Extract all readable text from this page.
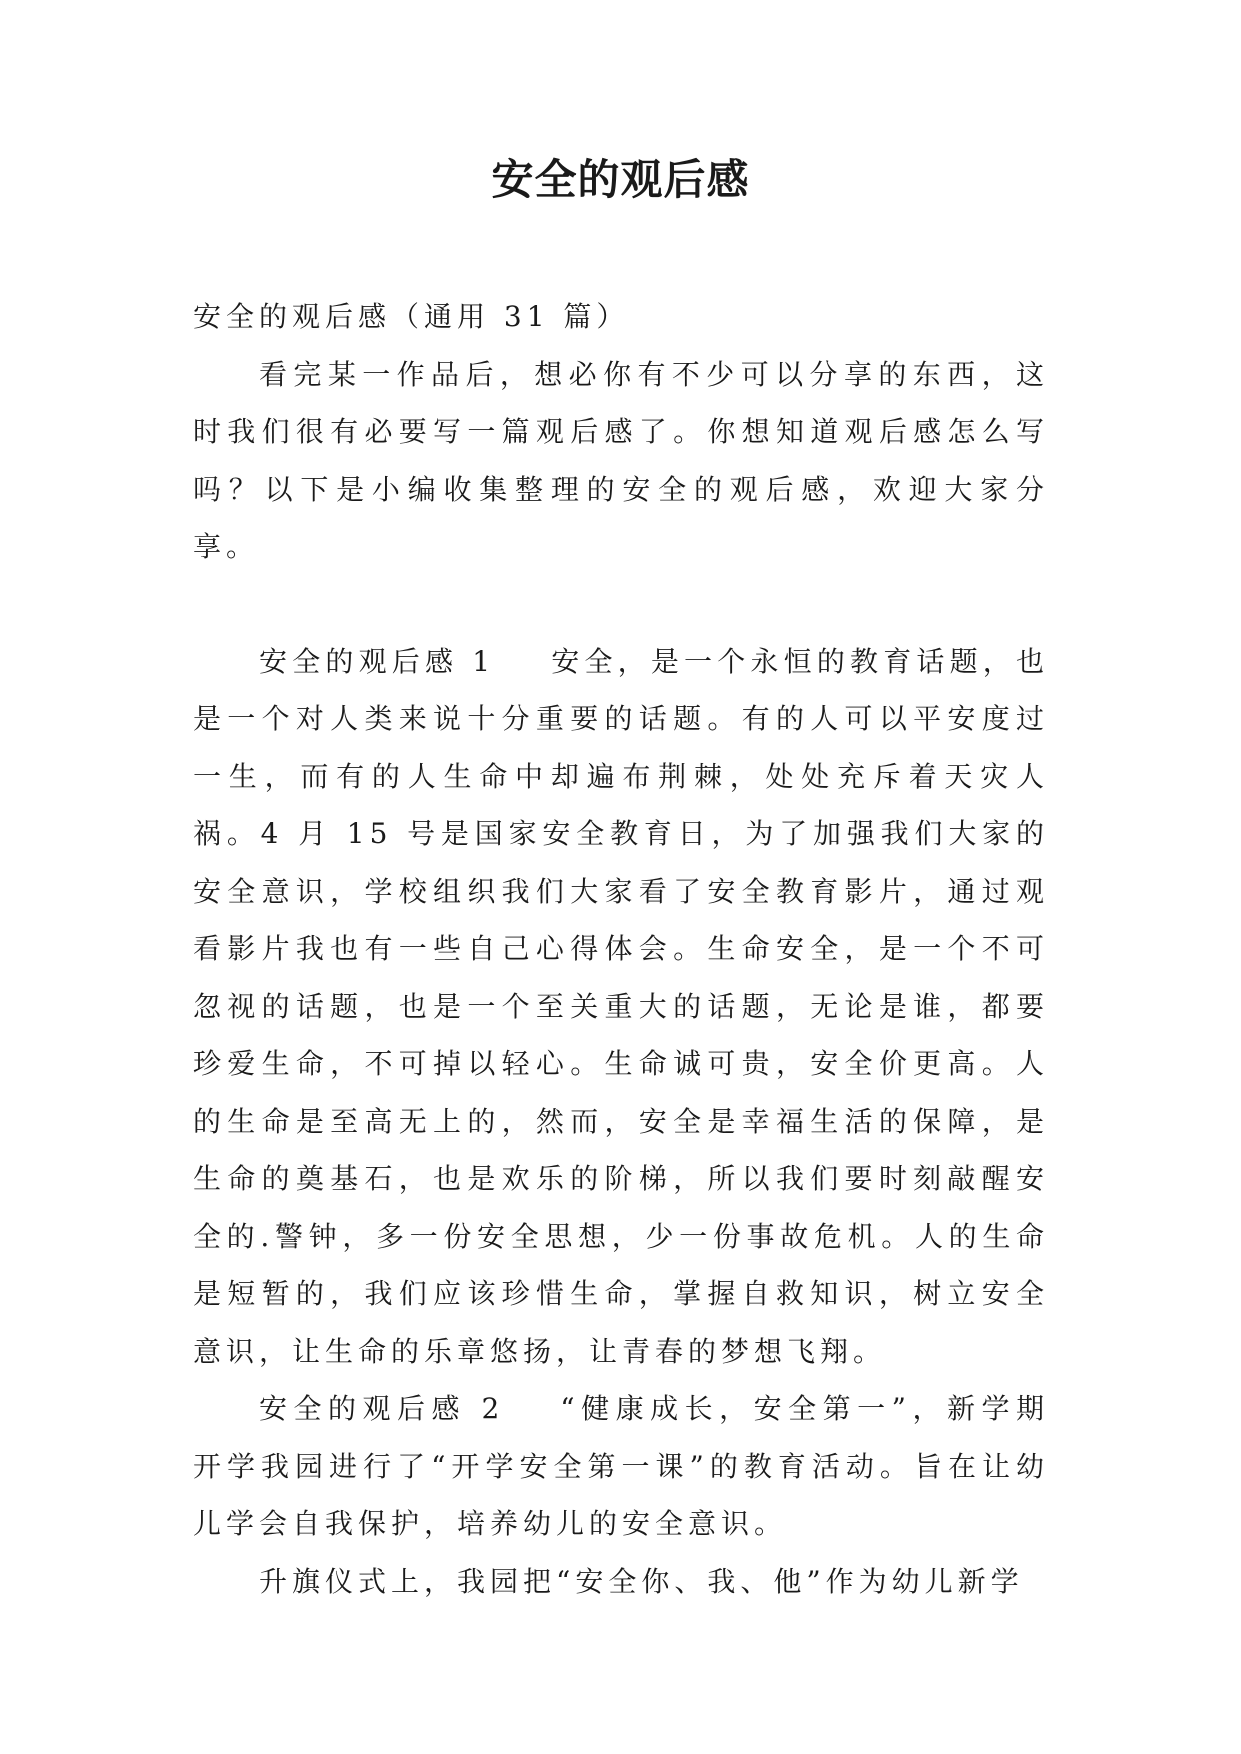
安全的观后感

安全的观后感（通用 31 篇）

看完某一作品后，想必你有不少可以分享的东西，这时我们很有必要写一篇观后感了。你想知道观后感怎么写吗？以下是小编收集整理的安全的观后感，欢迎大家分享。

安全的观后感 1 安全，是一个永恒的教育话题，也是一个对人类来说十分重要的话题。有的人可以平安度过一生，而有的人生命中却遍布荆棘，处处充斥着天灾人祸。4 月 15 号是国家安全教育日，为了加强我们大家的安全意识，学校组织我们大家看了安全教育影片，通过观看影片我也有一些自己心得体会。生命安全，是一个不可忽视的话题，也是一个至关重大的话题，无论是谁，都要珍爱生命，不可掉以轻心。生命诚可贵，安全价更高。人的生命是至高无上的，然而，安全是幸福生活的保障，是生命的奠基石，也是欢乐的阶梯，所以我们要时刻敲醒安全的.警钟，多一份安全思想，少一份事故危机。人的生命是短暂的，我们应该珍惜生命，掌握自救知识，树立安全意识，让生命的乐章悠扬，让青春的梦想飞翔。

安全的观后感 2 “健康成长，安全第一”，新学期开学我园进行了“开学安全第一课”的教育活动。旨在让幼儿学会自我保护，培养幼儿的安全意识。

升旗仪式上，我园把“安全你、我、他”作为幼儿新学
